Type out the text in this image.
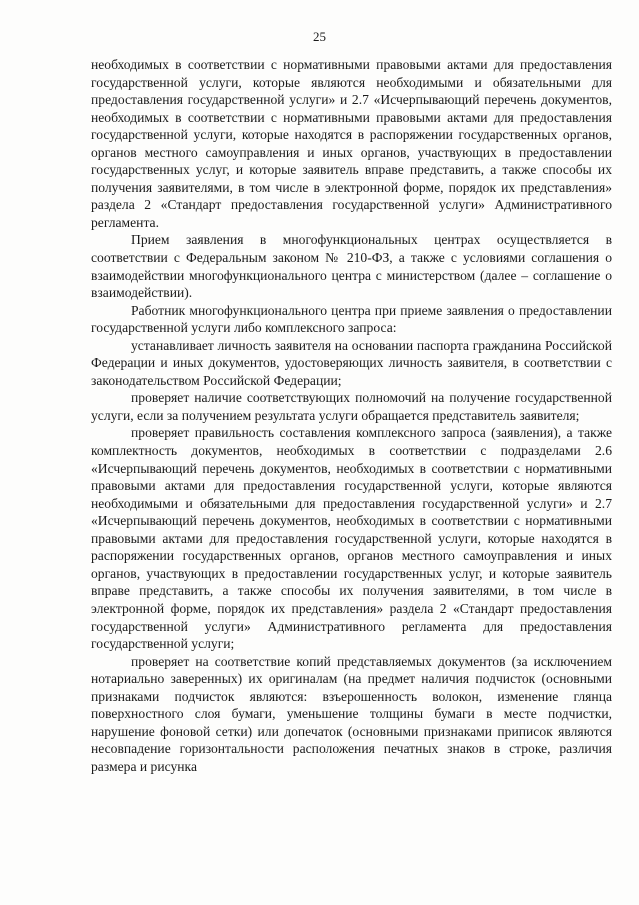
25

необходимых в соответствии с нормативными правовыми актами для предоставления государственной услуги, которые являются необходимыми и обязательными для предоставления государственной услуги» и 2.7 «Исчерпывающий перечень документов, необходимых в соответствии с нормативными правовыми актами для предоставления государственной услуги, которые находятся в распоряжении государственных органов, органов местного самоуправления и иных органов, участвующих в предоставлении государственных услуг, и которые заявитель вправе представить, а также способы их получения заявителями, в том числе в электронной форме, порядок их представления» раздела 2 «Стандарт предоставления государственной услуги» Административного регламента.

Прием заявления в многофункциональных центрах осуществляется в соответствии с Федеральным законом № 210-ФЗ, а также с условиями соглашения о взаимодействии многофункционального центра с министерством (далее – соглашение о взаимодействии).

Работник многофункционального центра при приеме заявления о предоставлении государственной услуги либо комплексного запроса:

устанавливает личность заявителя на основании паспорта гражданина Российской Федерации и иных документов, удостоверяющих личность заявителя, в соответствии с законодательством Российской Федерации;

проверяет наличие соответствующих полномочий на получение государственной услуги, если за получением результата услуги обращается представитель заявителя;

проверяет правильность составления комплексного запроса (заявления), а также комплектность документов, необходимых в соответствии с подразделами 2.6 «Исчерпывающий перечень документов, необходимых в соответствии с нормативными правовыми актами для предоставления государственной услуги, которые являются необходимыми и обязательными для предоставления государственной услуги» и 2.7 «Исчерпывающий перечень документов, необходимых в соответствии с нормативными правовыми актами для предоставления государственной услуги, которые находятся в распоряжении государственных органов, органов местного самоуправления и иных органов, участвующих в предоставлении государственных услуг, и которые заявитель вправе представить, а также способы их получения заявителями, в том числе в электронной форме, порядок их представления» раздела 2 «Стандарт предоставления государственной услуги» Административного регламента для предоставления государственной услуги;

проверяет на соответствие копий представляемых документов (за исключением нотариально заверенных) их оригиналам (на предмет наличия подчисток (основными признаками подчисток являются: взъерошенность волокон, изменение глянца поверхностного слоя бумаги, уменьшение толщины бумаги в месте подчистки, нарушение фоновой сетки) или допечаток (основными признаками приписок являются несовпадение горизонтальности расположения печатных знаков в строке, различия размера и рисунка
